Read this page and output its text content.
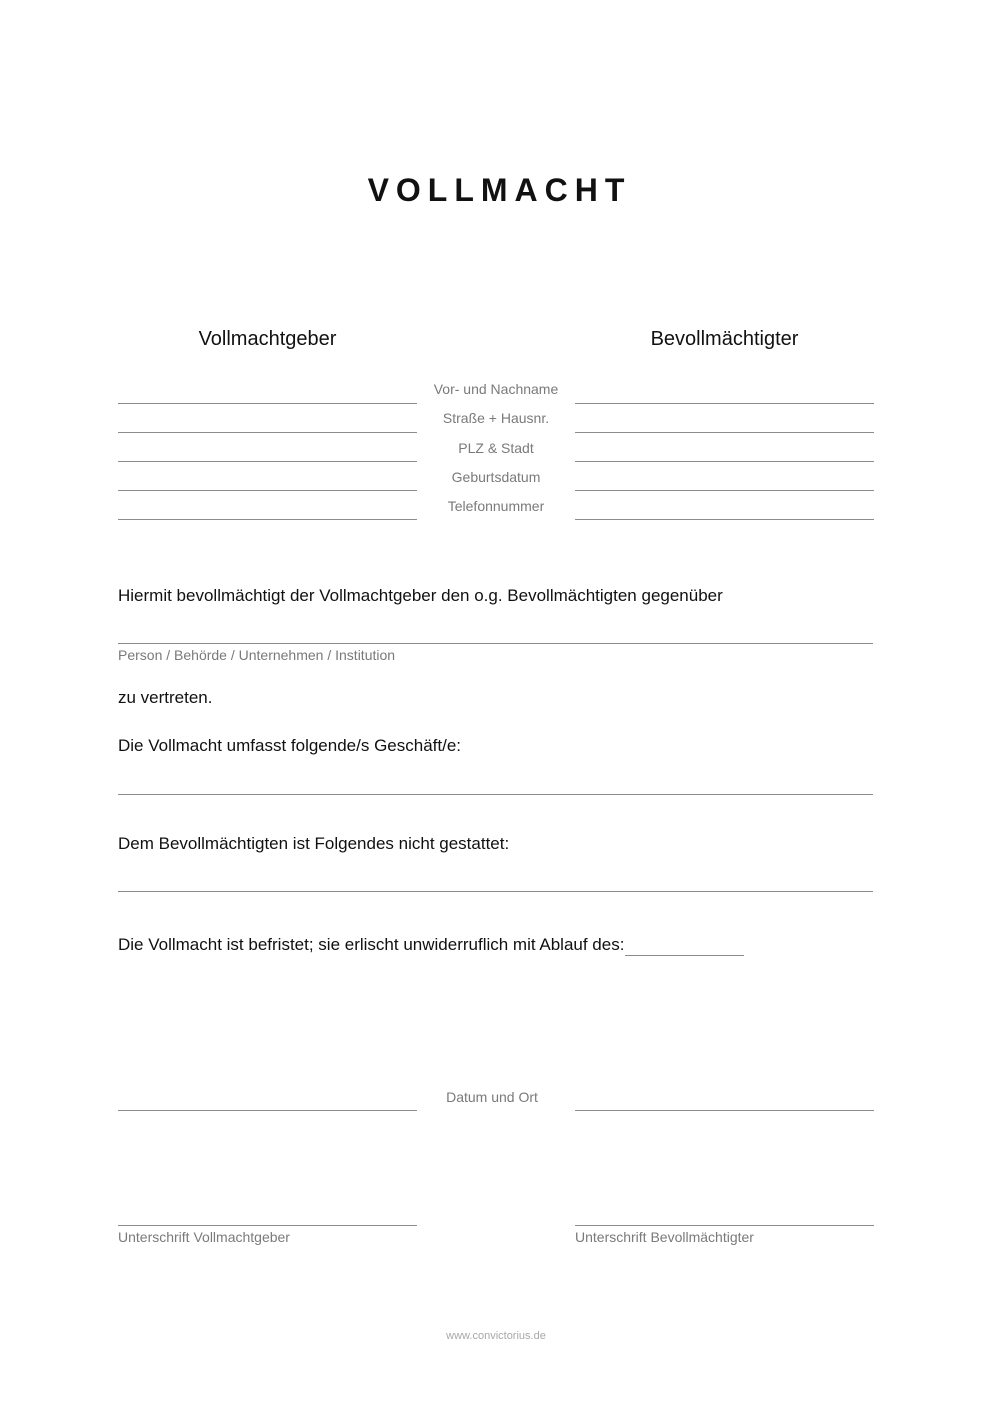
VOLLMACHT
Vollmachtgeber	Bevollmächtigter
Vor- und Nachname
Straße + Hausnr.
PLZ & Stadt
Geburtsdatum
Telefonnummer
Hiermit bevollmächtigt der Vollmachtgeber den o.g. Bevollmächtigten gegenüber
Person / Behörde / Unternehmen / Institution
zu vertreten.
Die Vollmacht umfasst folgende/s Geschäft/e:
Dem Bevollmächtigten ist Folgendes nicht gestattet:
Die Vollmacht ist befristet; sie erlischt unwiderruflich mit Ablauf des:
Datum und Ort
Unterschrift Vollmachtgeber	Unterschrift Bevollmächtigter
www.convictorius.de
